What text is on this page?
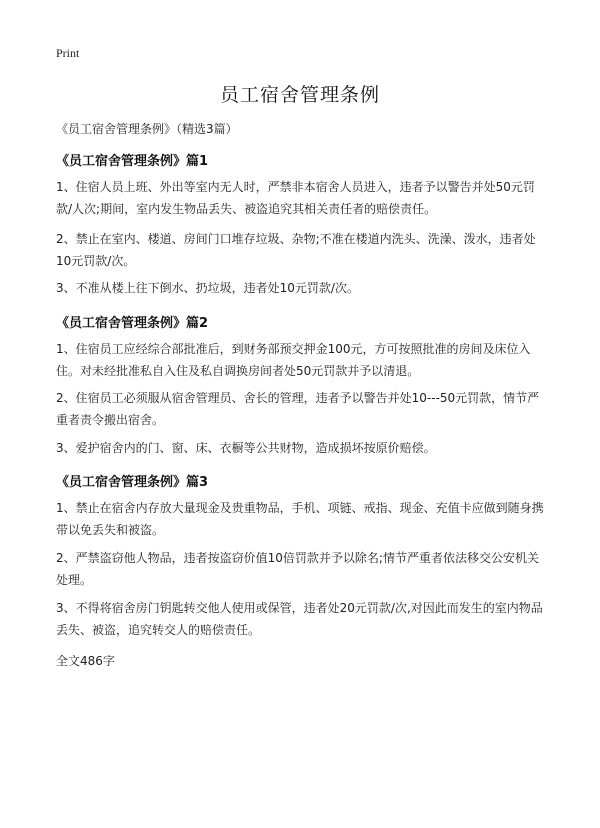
Print
员工宿舍管理条例
《员工宿舍管理条例》（精选3篇）
《员工宿舍管理条例》篇1
1、住宿人员上班、外出等室内无人时，严禁非本宿舍人员进入，违者予以警告并处50元罚款/人次;期间，室内发生物品丢失、被盗追究其相关责任者的赔偿责任。
2、禁止在室内、楼道、房间门口堆存垃圾、杂物;不准在楼道内洗头、洗澡、泼水，违者处10元罚款/次。
3、不准从楼上往下倒水、扔垃圾，违者处10元罚款/次。
《员工宿舍管理条例》篇2
1、住宿员工应经综合部批准后，到财务部预交押金100元，方可按照批准的房间及床位入住。对未经批准私自入住及私自调换房间者处50元罚款并予以清退。
2、住宿员工必须服从宿舍管理员、舍长的管理，违者予以警告并处10---50元罚款，情节严重者责令搬出宿舍。
3、爱护宿舍内的门、窗、床、衣橱等公共财物，造成损坏按原价赔偿。
《员工宿舍管理条例》篇3
1、禁止在宿舍内存放大量现金及贵重物品，手机、项链、戒指、现金、充值卡应做到随身携带以免丢失和被盗。
2、严禁盗窃他人物品，违者按盗窃价值10倍罚款并予以除名;情节严重者依法移交公安机关处理。
3、不得将宿舍房门钥匙转交他人使用或保管，违者处20元罚款/次,对因此而发生的室内物品丢失、被盗，追究转交人的赔偿责任。
全文486字
